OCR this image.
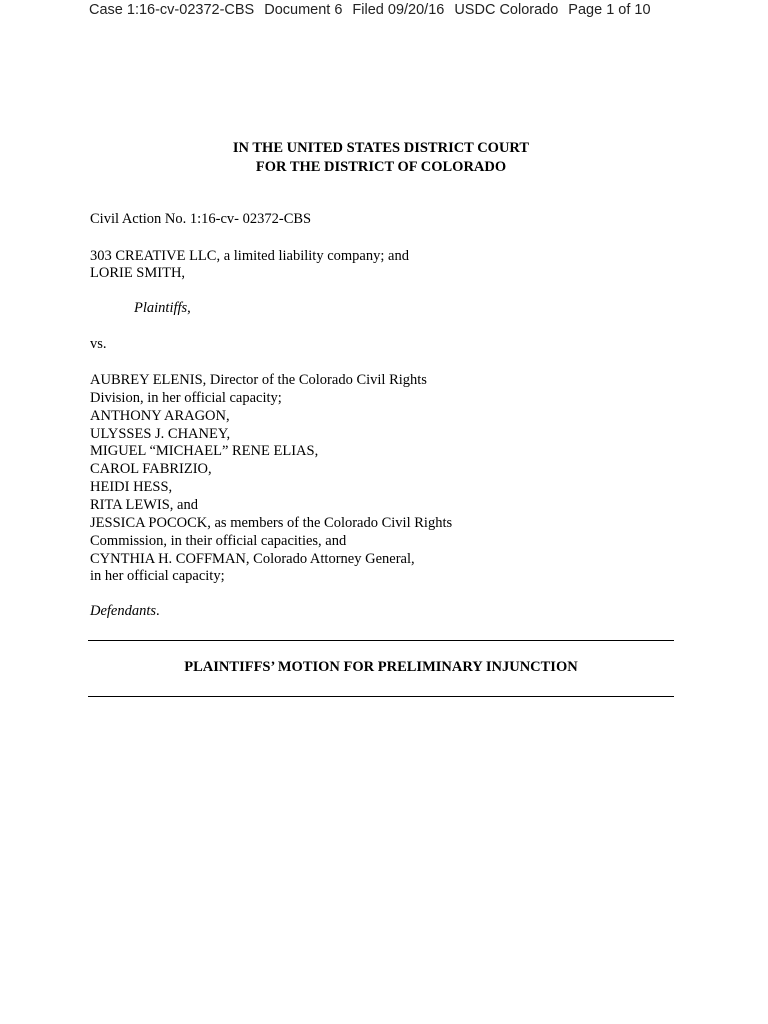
Case 1:16-cv-02372-CBS Document 6 Filed 09/20/16 USDC Colorado Page 1 of 10
IN THE UNITED STATES DISTRICT COURT
FOR THE DISTRICT OF COLORADO
Civil Action No. 1:16-cv- 02372-CBS
303 CREATIVE LLC, a limited liability company; and
LORIE SMITH,
Plaintiffs,
vs.
AUBREY ELENIS, Director of the Colorado Civil Rights
Division, in her official capacity;
ANTHONY ARAGON,
ULYSSES J. CHANEY,
MIGUEL “MICHAEL” RENE ELIAS,
CAROL FABRIZIO,
HEIDI HESS,
RITA LEWIS, and
JESSICA POCOCK, as members of the Colorado Civil Rights
Commission, in their official capacities, and
CYNTHIA H. COFFMAN, Colorado Attorney General,
in her official capacity;
Defendants.
PLAINTIFFS’ MOTION FOR PRELIMINARY INJUNCTION
